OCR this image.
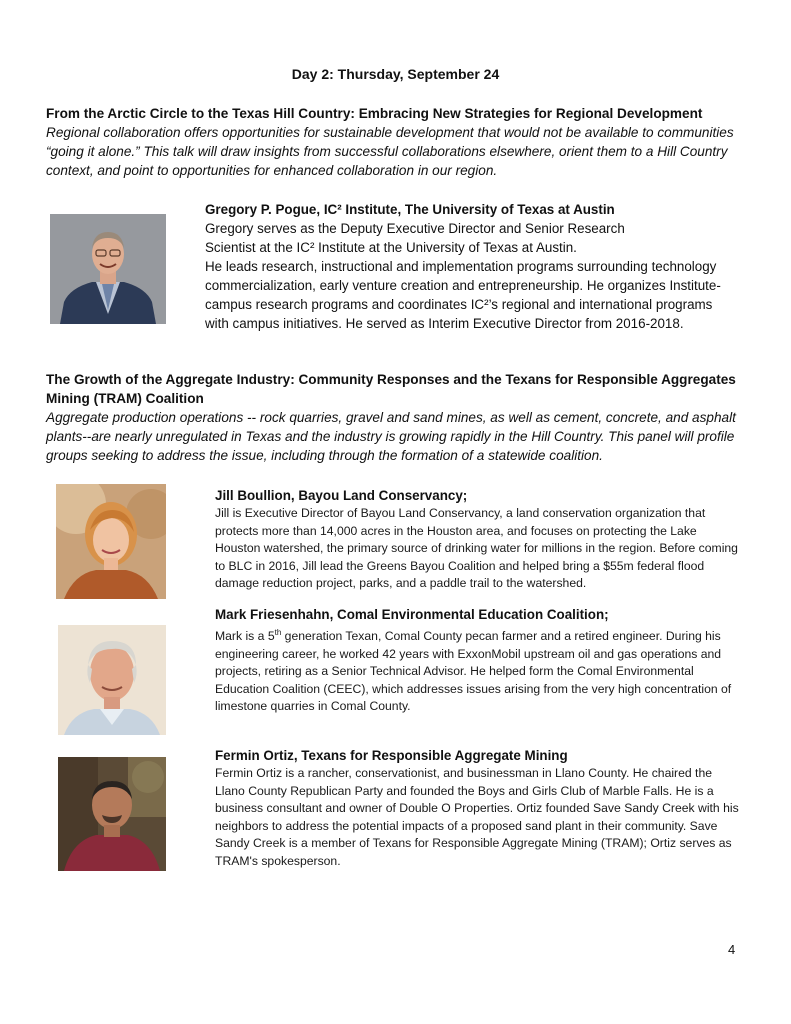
Day 2: Thursday, September 24
From the Arctic Circle to the Texas Hill Country: Embracing New Strategies for Regional Development
Regional collaboration offers opportunities for sustainable development that would not be available to communities “going it alone.” This talk will draw insights from successful collaborations elsewhere, orient them to a Hill Country context, and point to opportunities for enhanced collaboration in our region.
Gregory P. Pogue, IC² Institute, The University of Texas at Austin
Gregory serves as the Deputy Executive Director and Senior Research
Scientist at the IC² Institute at the University of Texas at Austin.
He leads research, instructional and implementation programs surrounding technology commercialization, early venture creation and entrepreneurship. He organizes Institute-campus research programs and coordinates IC²’s regional and international programs with campus initiatives. He served as Interim Executive Director from 2016-2018.
The Growth of the Aggregate Industry: Community Responses and the Texans for Responsible Aggregates Mining (TRAM) Coalition
Aggregate production operations -- rock quarries, gravel and sand mines, as well as cement, concrete, and asphalt plants--are nearly unregulated in Texas and the industry is growing rapidly in the Hill Country. This panel will profile groups seeking to address the issue, including through the formation of a statewide coalition.
Jill Boullion, Bayou Land Conservancy;
Jill is Executive Director of Bayou Land Conservancy, a land conservation organization that protects more than 14,000 acres in the Houston area, and focuses on protecting the Lake Houston watershed, the primary source of drinking water for millions in the region. Before coming to BLC in 2016, Jill lead the Greens Bayou Coalition and helped bring a $55m federal flood damage reduction project, parks, and a paddle trail to the watershed.
Mark Friesenhahn, Comal Environmental Education Coalition;
Mark is a 5th generation Texan, Comal County pecan farmer and a retired engineer. During his engineering career, he worked 42 years with ExxonMobil upstream oil and gas operations and projects, retiring as a Senior Technical Advisor. He helped form the Comal Environmental Education Coalition (CEEC), which addresses issues arising from the very high concentration of limestone quarries in Comal County.
Fermin Ortiz, Texans for Responsible Aggregate Mining
Fermin Ortiz is a rancher, conservationist, and businessman in Llano County. He chaired the Llano County Republican Party and founded the Boys and Girls Club of Marble Falls. He is a business consultant and owner of Double O Properties. Ortiz founded Save Sandy Creek with his neighbors to address the potential impacts of a proposed sand plant in their community. Save Sandy Creek is a member of Texans for Responsible Aggregate Mining (TRAM); Ortiz serves as TRAM's spokesperson.
4
